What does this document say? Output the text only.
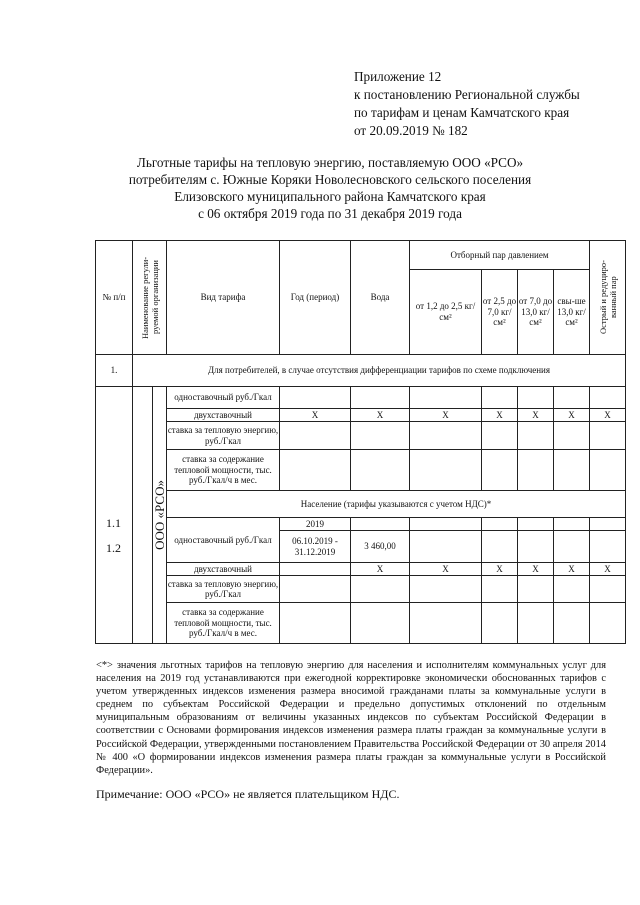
Приложение 12
к постановлению Региональной службы
по тарифам и ценам Камчатского края
от 20.09.2019 № 182
Льготные тарифы на тепловую энергию, поставляемую ООО «РСО»
потребителям с. Южные Коряки Новолесновского сельского поселения
Елизовского муниципального района Камчатского края
с 06 октября 2019 года по 31 декабря 2019 года
№ п/п	Наименование регули-руемой организации		Вид тарифа	Год (период)	Вода	Отборный пар давлением				Острый и редуциро-ванный пар

						от 1,2 до 2,5 кг/см²	от 2,5 до 7,0 кг/см²	от 7,0 до 13,0 кг/см²	свы-ше 13,0 кг/см²	
1.	Для потребителей, в случае отсутствия дифференциации тарифов по схеме подключения									

		ООО «РСО»	одноставочный руб./Гкал							
			двухставочный	Х	Х	Х	Х	Х	Х	Х
			ставка за тепловую энергию, руб./Гкал							
			ставка за содержание тепловой мощности, тыс. руб./Гкал/ч в мес.							
			Население (тарифы указываются с учетом НДС)*							
			одноставочный руб./Гкал	2019						
				06.10.2019 - 31.12.2019	3 460,00					
			двухставочный		Х	Х	Х	Х	Х	Х
			ставка за тепловую энергию, руб./Гкал							
			ставка за содержание тепловой мощности, тыс. руб./Гкал/ч в мес.							
1.1
1.2

<*> значения льготных тарифов на тепловую энергию для населения и исполнителям коммунальных услуг для населения на 2019 год устанавливаются при ежегодной корректировке экономически обоснованных тарифов с учетом утвержденных индексов изменения размера вносимой гражданами платы за коммунальные услуги в среднем по субъектам Российской Федерации и предельно допустимых отклонений по отдельным муниципальным образованиям от величины указанных индексов по субъектам Российской Федерации в соответствии с Основами формирования индексов изменения размера платы граждан за коммунальные услуги в Российской Федерации, утвержденными постановлением Правительства Российской Федерации от 30 апреля 2014 № 400 «О формировании индексов изменения размера платы граждан за коммунальные услуги в Российской Федерации».

Примечание: ООО «РСО» не является плательщиком НДС.
